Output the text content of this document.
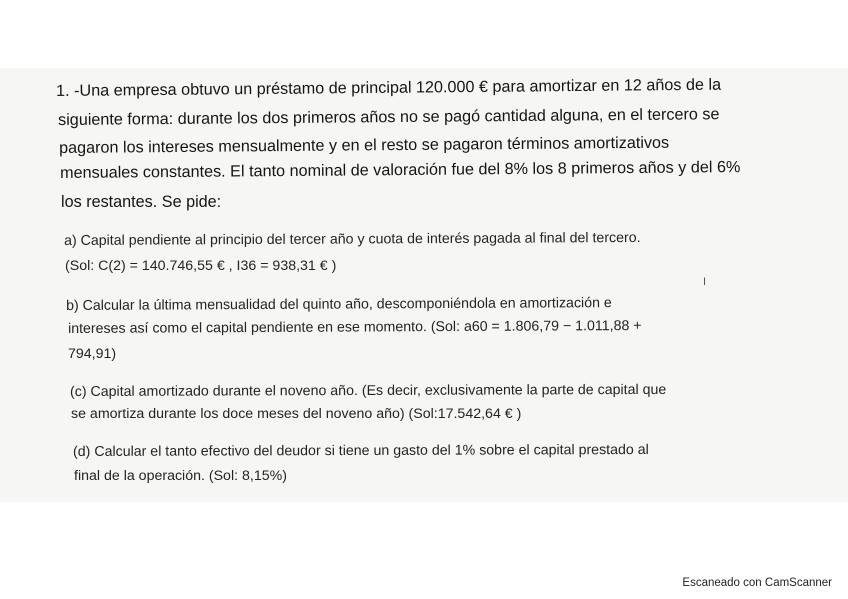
1. -Una empresa obtuvo un préstamo de principal 120.000 € para amortizar en 12 años de la
siguiente forma: durante los dos primeros años no se pagó cantidad alguna, en el tercero se
pagaron los intereses mensualmente y en el resto se pagaron términos amortizativos
mensuales constantes. El tanto nominal de valoración fue del 8% los 8 primeros años y del 6%
los restantes. Se pide:
a) Capital pendiente al principio del tercer año y cuota de interés pagada al final del tercero.
(Sol: C(2) = 140.746,55 € , I36 = 938,31 € )
I
b) Calcular la última mensualidad del quinto año, descomponiéndola en amortización e
intereses así como el capital pendiente en ese momento. (Sol: a60 = 1.806,79 − 1.011,88 +
794,91)
(c) Capital amortizado durante el noveno año. (Es decir, exclusivamente la parte de capital que
se amortiza durante los doce meses del noveno año) (Sol:17.542,64 € )
(d) Calcular el tanto efectivo del deudor si tiene un gasto del 1% sobre el capital prestado al
final de la operación. (Sol: 8,15%)
Escaneado con CamScanner
